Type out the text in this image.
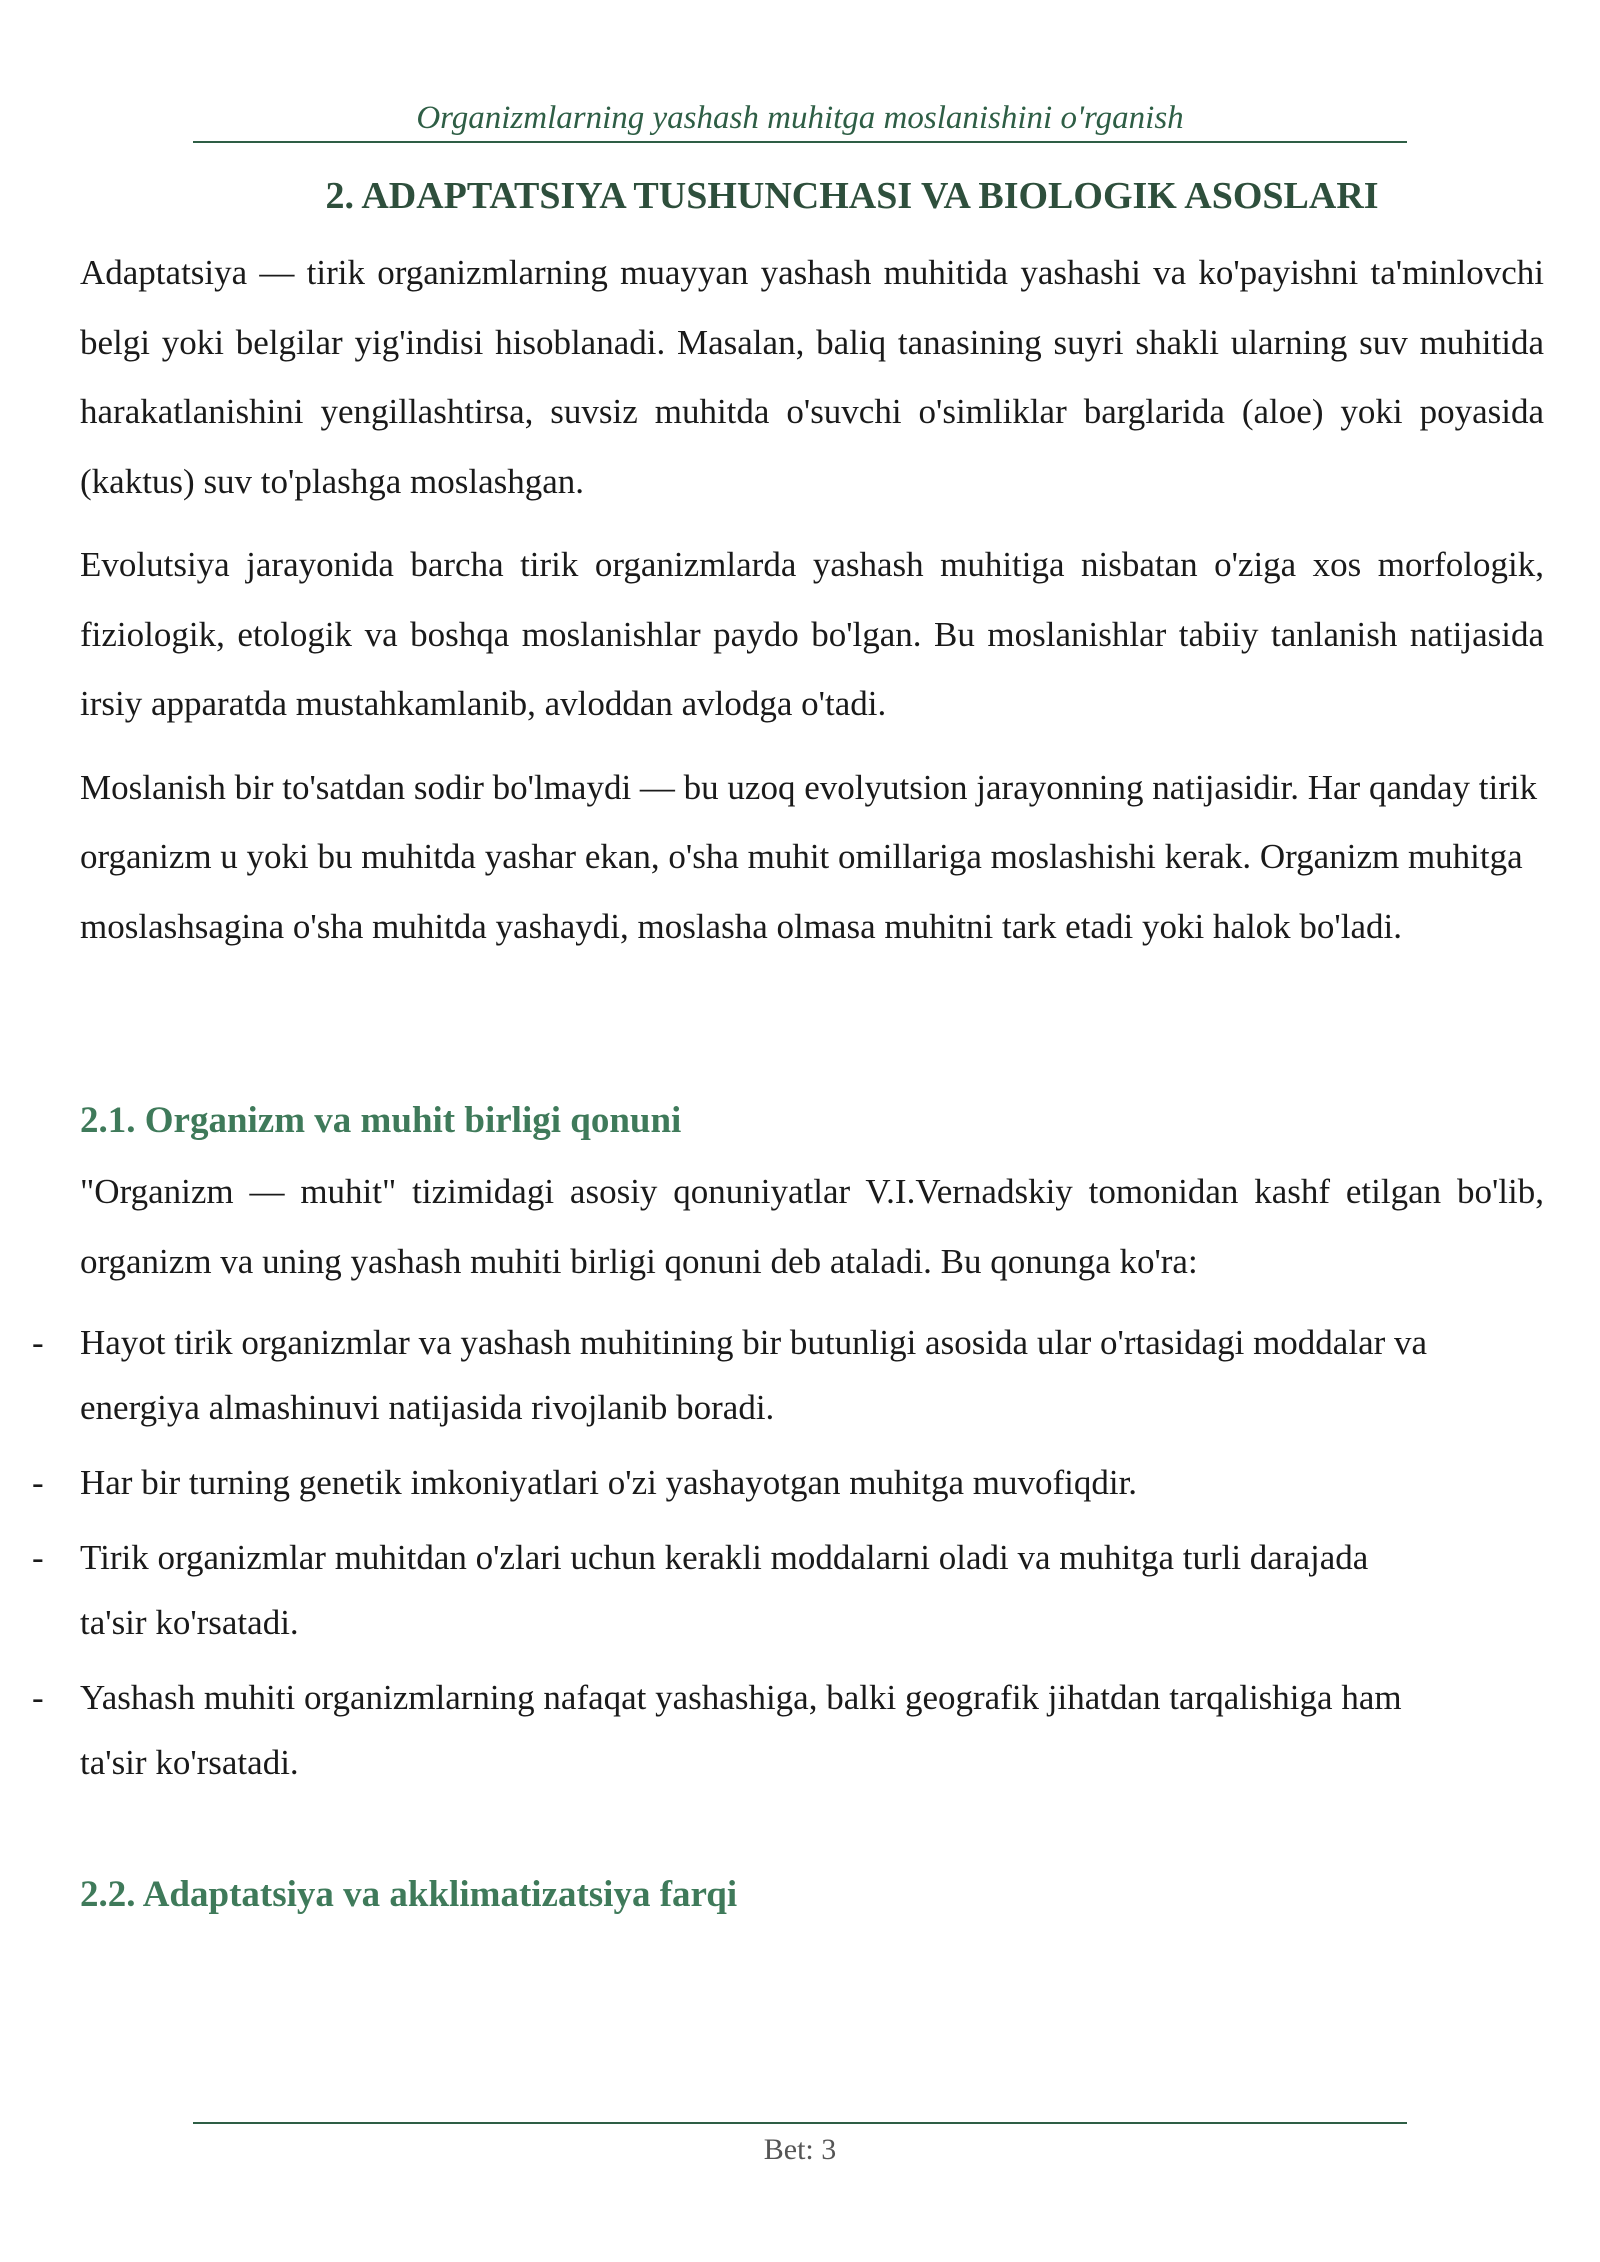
Organizmlarning yashash muhitga moslanishini o'rganish
2. ADAPTATSIYA TUSHUNCHASI VA BIOLOGIK ASOSLARI

Adaptatsiya — tirik organizmlarning muayyan yashash muhitida yashashi va ko'payishni ta'minlovchi belgi yoki belgilar yig'indisi hisoblanadi. Masalan, baliq tanasining suyri shakli ularning suv muhitida harakatlanishini yengillashtirsa, suvsiz muhitda o'suvchi o'simliklar barglarida (aloe) yoki poyasida (kaktus) suv to'plashga moslashgan.

Evolutsiya jarayonida barcha tirik organizmlarda yashash muhitiga nisbatan o'ziga xos morfologik, fiziologik, etologik va boshqa moslanishlar paydo bo'lgan. Bu moslanishlar tabiiy tanlanish natijasida irsiy apparatda mustahkamlanib, avloddan avlodga o'tadi.

Moslanish bir to'satdan sodir bo'lmaydi — bu uzoq evolyutsion jarayonning natijasidir. Har qanday tirik organizm u yoki bu muhitda yashar ekan, o'sha muhit omillariga moslashishi kerak. Organizm muhitga moslashsagina o'sha muhitda yashaydi, moslasha olmasa muhitni tark etadi yoki halok bo'ladi.

2.1. Organizm va muhit birligi qonuni

"Organizm — muhit" tizimidagi asosiy qonuniyatlar V.I.Vernadskiy tomonidan kashf etilgan bo'lib, organizm va uning yashash muhiti birligi qonuni deb ataladi. Bu qonunga ko'ra:

- Hayot tirik organizmlar va yashash muhitining bir butunligi asosida ular o'rtasidagi moddalar va energiya almashinuvi natijasida rivojlanib boradi.
- Har bir turning genetik imkoniyatlari o'zi yashayotgan muhitga muvofiqdir.
- Tirik organizmlar muhitdan o'zlari uchun kerakli moddalarni oladi va muhitga turli darajada ta'sir ko'rsatadi.
- Yashash muhiti organizmlarning nafaqat yashashiga, balki geografik jihatdan tarqalishiga ham ta'sir ko'rsatadi.
2.2. Adaptatsiya va akklimatizatsiya farqi
Bet: 3
